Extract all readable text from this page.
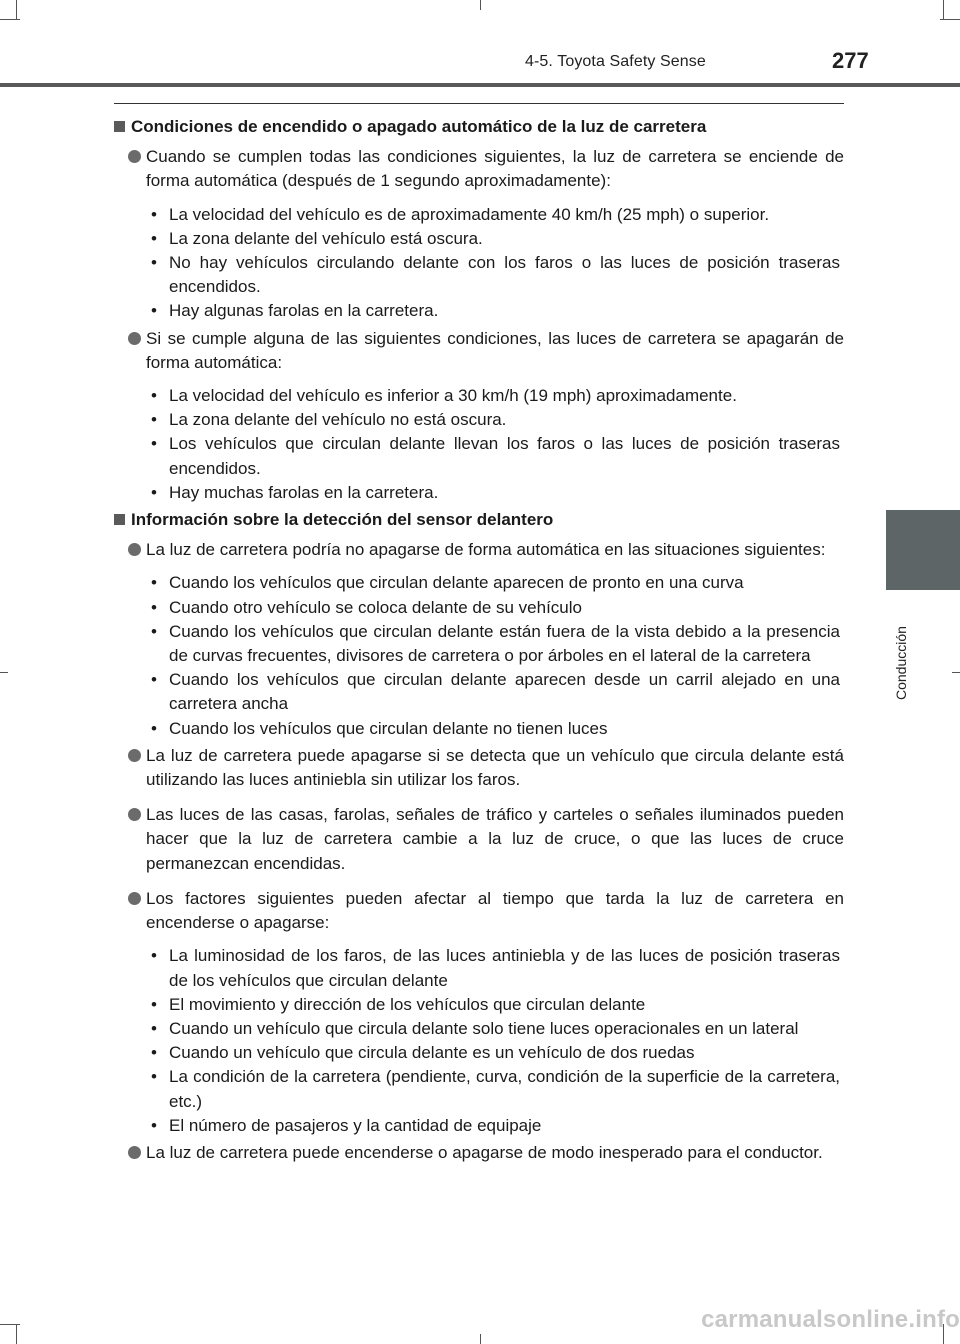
4-5. Toyota Safety Sense	277
4
Conducción
Condiciones de encendido o apagado automático de la luz de carretera
Cuando se cumplen todas las condiciones siguientes, la luz de carretera se enciende de forma automática (después de 1 segundo aproximadamente):
• La velocidad del vehículo es de aproximadamente 40 km/h (25 mph) o superior.
• La zona delante del vehículo está oscura.
• No hay vehículos circulando delante con los faros o las luces de posición traseras encendidos.
• Hay algunas farolas en la carretera.
Si se cumple alguna de las siguientes condiciones, las luces de carretera se apagarán de forma automática:
• La velocidad del vehículo es inferior a 30 km/h (19 mph) aproximadamente.
• La zona delante del vehículo no está oscura.
• Los vehículos que circulan delante llevan los faros o las luces de posición traseras encendidos.
• Hay muchas farolas en la carretera.
Información sobre la detección del sensor delantero
La luz de carretera podría no apagarse de forma automática en las situaciones siguientes:
• Cuando los vehículos que circulan delante aparecen de pronto en una curva
• Cuando otro vehículo se coloca delante de su vehículo
• Cuando los vehículos que circulan delante están fuera de la vista debido a la presencia de curvas frecuentes, divisores de carretera o por árboles en el lateral de la carretera
• Cuando los vehículos que circulan delante aparecen desde un carril alejado en una carretera ancha
• Cuando los vehículos que circulan delante no tienen luces
La luz de carretera puede apagarse si se detecta que un vehículo que circula delante está utilizando las luces antiniebla sin utilizar los faros.
Las luces de las casas, farolas, señales de tráfico y carteles o señales iluminados pueden hacer que la luz de carretera cambie a la luz de cruce, o que las luces de cruce permanezcan encendidas.
Los factores siguientes pueden afectar al tiempo que tarda la luz de carretera en encenderse o apagarse:
• La luminosidad de los faros, de las luces antiniebla y de las luces de posición traseras de los vehículos que circulan delante
• El movimiento y dirección de los vehículos que circulan delante
• Cuando un vehículo que circula delante solo tiene luces operacionales en un lateral
• Cuando un vehículo que circula delante es un vehículo de dos ruedas
• La condición de la carretera (pendiente, curva, condición de la superficie de la carretera, etc.)
• El número de pasajeros y la cantidad de equipaje
La luz de carretera puede encenderse o apagarse de modo inesperado para el conductor.
carmanualsonline.info
